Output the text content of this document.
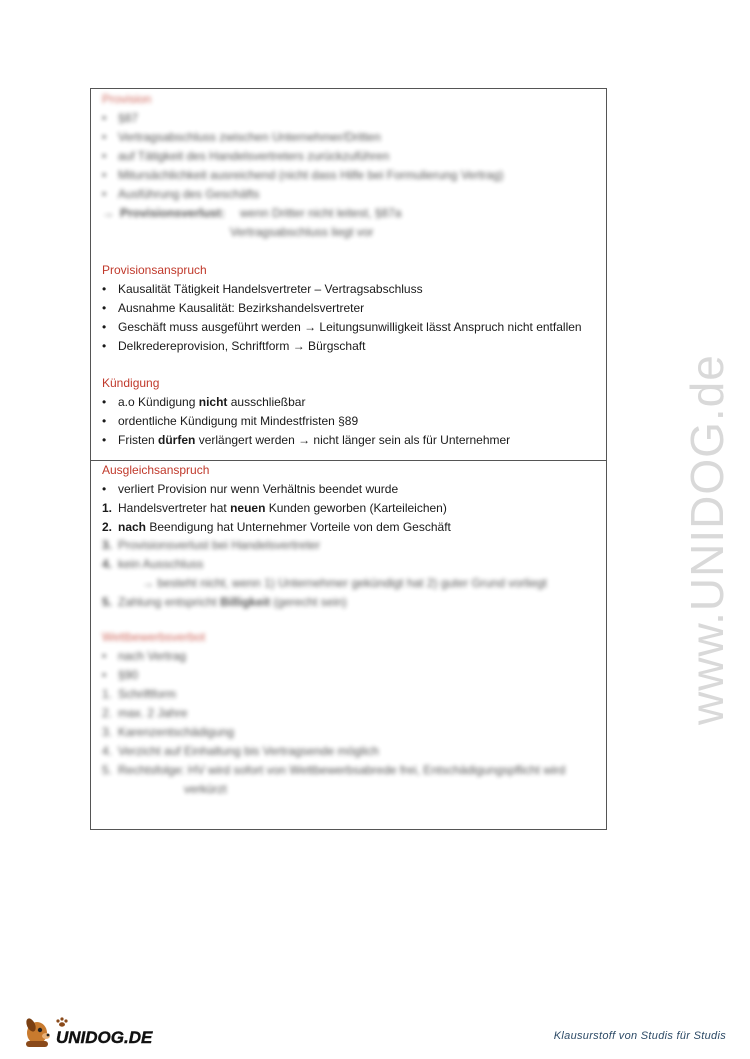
Provision
• §87
• Vertragsabschluss zwischen Unternehmer/Dritten
• auf Tätigkeit des Handelsvertreters zurückzuführen
• Mitursächlichkeit ausreichend (nicht dass Hilfe bei Formulierung Vertrag)
• Ausführung des Geschäfts
→ Provisionsverlust: wenn Dritter nicht leitest, §87a
Vertragsabschluss liegt vor
Provisionsanspruch
• Kausalität Tätigkeit Handelsvertreter – Vertragsabschluss
• Ausnahme Kausalität: Bezirkshandelsvertreter
• Geschäft muss ausgeführt werden → Leitungsunwilligkeit lässt Anspruch nicht entfallen
• Delkredereprovision, Schriftform → Bürgschaft
Kündigung
• a.o Kündigung nicht ausschließbar
• ordentliche Kündigung mit Mindestfristen §89
• Fristen dürfen verlängert werden → nicht länger sein als für Unternehmer
Ausgleichsanspruch
• verliert Provision nur wenn Verhältnis beendet wurde
1. Handelsvertreter hat neuen Kunden geworben (Karteileichen)
2. nach Beendigung hat Unternehmer Vorteile von dem Geschäft
3. Provisionsverlust bei Handelsvertreter
4. kein Ausschluss
→ besteht nicht, wenn 1) Unternehmer gekündigt hat 2) guter Grund vorliegt
5. Zahlung entspricht Billigkeit (gerecht sein)
Wettbewerbsverbot
• nach Vertrag
• §90
1. Schriftform
2. max. 2 Jahre
3. Karenzentschädigung
4. Verzicht auf Einhaltung bis Vertragsende möglich
5. Rechtsfolge: HV wird sofort von Wettbewerbsabrede frei, Entschädigungspflicht wird
verkürzt
www.UNIDOG.de
UNIDOG.DE	Klausurstoff von Studis für Studis
